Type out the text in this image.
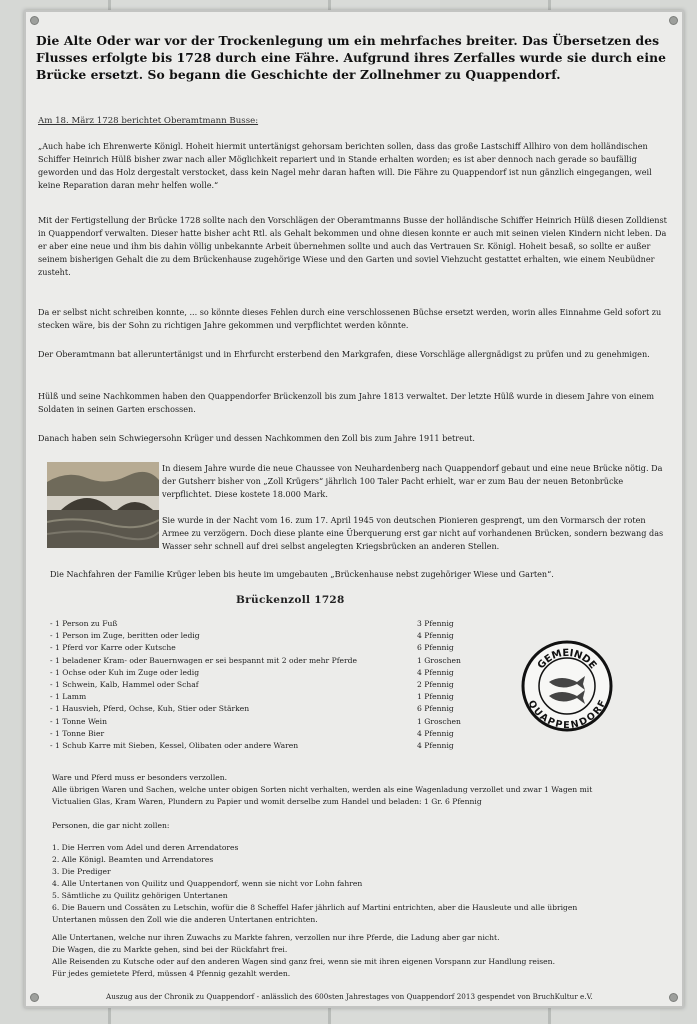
Die Alte Oder war vor der Trockenlegung um ein mehrfaches breiter. Das Übersetzen des Flusses erfolgte bis 1728 durch eine Fähre. Aufgrund ihres Zerfalles wurde sie durch eine Brücke ersetzt. So begann die Geschichte der Zollnehmer zu Quappendorf.
Am 18. März 1728 berichtet Oberamtmann Busse:
„Auch habe ich Ehrenwerte Königl. Hoheit hiermit untertänigst gehorsam berichten sollen, dass das große Lastschiff Allhiro von dem holländischen Schiffer Heinrich Hülß bisher zwar nach aller Möglichkeit repariert und in Stande erhalten worden; es ist aber dennoch nach gerade so baufällig geworden und das Holz dergestalt verstocket, dass kein Nagel mehr daran haften will. Die Fähre zu Quappendorf ist nun gänzlich eingegangen, weil keine Reparation daran mehr helfen wolle.“
Mit der Fertigstellung der Brücke 1728 sollte nach den Vorschlägen der Oberamtmanns Busse der holländische Schiffer Heinrich Hülß diesen Zolldienst in Quappendorf verwalten. Dieser hatte bisher acht Rtl. als Gehalt bekommen und ohne diesen konnte er auch mit seinen vielen Kindern nicht leben. Da er aber eine neue und ihm bis dahin völlig unbekannte Arbeit übernehmen sollte und auch das Vertrauen Sr. Königl. Hoheit besaß, so sollte er außer seinem bisherigen Gehalt die zu dem Brückenhause zugehörige Wiese und den Garten und soviel Viehzucht gestattet erhalten, wie einem Neubüdner zusteht.
Da er selbst nicht schreiben konnte, ... so könnte dieses Fehlen durch eine verschlossenen Büchse ersetzt werden, worin alles Einnahme Geld sofort zu stecken wäre, bis der Sohn zu richtigen Jahre gekommen und verpflichtet werden könnte.
Der Oberamtmann bat alleruntertänigst und in Ehrfurcht ersterbend den Markgrafen, diese Vorschläge allergnädigst zu prüfen und zu genehmigen.
Hülß und seine Nachkommen haben den Quappendorfer Brückenzoll bis zum Jahre 1813 verwaltet. Der letzte Hülß wurde in diesem Jahre von einem Soldaten in seinen Garten erschossen.
Danach haben sein Schwiegersohn Krüger und dessen Nachkommen den Zoll bis zum Jahre 1911 betreut.
In diesem Jahre wurde die neue Chaussee von Neuhardenberg nach Quappendorf gebaut und eine neue Brücke nötig. Da der Gutsherr bisher von „Zoll Krügers“ jährlich 100 Taler Pacht erhielt, war er zum Bau der neuen Betonbrücke verpflichtet. Diese kostete 18.000 Mark.
Sie wurde in der Nacht vom 16. zum 17. April 1945 von deutschen Pionieren gesprengt, um den Vormarsch der roten Armee zu verzögern. Doch diese plante eine Überquerung erst gar nicht auf vorhandenen Brücken, sondern bezwang das Wasser sehr schnell auf drei selbst angelegten Kriegsbrücken an anderen Stellen.
Die Nachfahren der Familie Krüger leben bis heute im umgebauten „Brückenhause nebst zugehöriger Wiese und Garten“.
Brückenzoll 1728
- 1 Person zu Fuß	3 Pfennig
- 1 Person im Zuge, beritten oder ledig	4 Pfennig
- 1 Pferd vor Karre oder Kutsche	6 Pfennig
- 1 beladener Kram- oder Bauernwagen er sei bespannt mit 2 oder mehr Pferde	1 Groschen
- 1 Ochse oder Kuh im Zuge oder ledig	4 Pfennig
- 1 Schwein, Kalb, Hammel oder Schaf	2 Pfennig
- 1 Lamm	1 Pfennig
- 1 Hausvieh, Pferd, Ochse, Kuh, Stier oder Stärken	6 Pfennig
- 1 Tonne Wein	1 Groschen
- 1 Tonne Bier	4 Pfennig
- 1 Schub Karre mit Sieben, Kessel, Olibaten oder andere Waren	4 Pfennig
GEMEINDE
QUAPPENDORF
Ware und Pferd muss er besonders verzollen.
Alle übrigen Waren und Sachen, welche unter obigen Sorten nicht verhalten, werden als eine Wagenladung verzollet und zwar 1 Wagen mit
Victualien Glas, Kram Waren, Plundern zu Papier und womit derselbe zum Handel und beladen: 1 Gr. 6 Pfennig
Personen, die gar nicht zollen:
1. Die Herren vom Adel und deren Arrendatores
2. Alle Königl. Beamten und Arrendatores
3. Die Prediger
4. Alle Untertanen von Quilitz und Quappendorf, wenn sie nicht vor Lohn fahren
5. Sämtliche zu Quilitz gehörigen Untertanen
6. Die Bauern und Cossäten zu Letschin, wofür die 8 Scheffel Hafer jährlich auf Martini entrichten, aber die Hausleute und alle übrigen
Untertanen müssen den Zoll wie die anderen Untertanen entrichten.
Alle Untertanen, welche nur ihren Zuwachs zu Markte fahren, verzollen nur ihre Pferde, die Ladung aber gar nicht.
Die Wagen, die zu Markte gehen, sind bei der Rückfahrt frei.
Alle Reisenden zu Kutsche oder auf den anderen Wagen sind ganz frei, wenn sie mit ihren eigenen Vorspann zur Handlung reisen.
Für jedes gemietete Pferd, müssen 4 Pfennig gezahlt werden.
Auszug aus der Chronik zu Quappendorf - anlässlich des 600sten Jahrestages von Quappendorf 2013 gespendet von BruchKultur e.V.
